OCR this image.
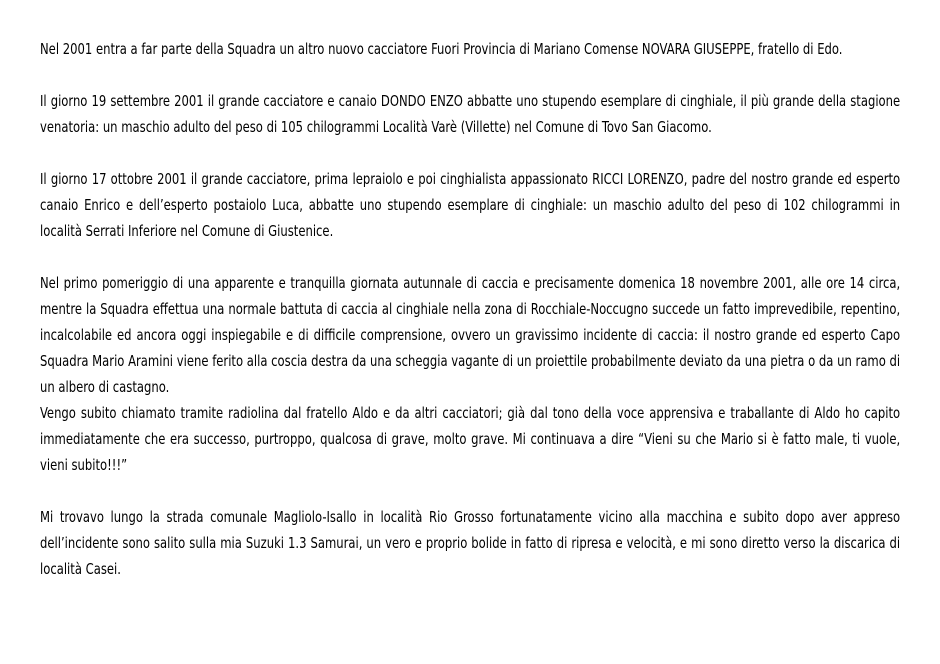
Nel 2001 entra a far parte della Squadra un altro nuovo cacciatore Fuori Provincia di Mariano Comense NOVARA GIUSEPPE, fratello di Edo.

Il giorno 19 settembre 2001 il grande cacciatore e canaio DONDO ENZO abbatte uno stupendo esemplare di cinghiale, il più grande della stagione venatoria: un maschio adulto del peso di 105 chilogrammi Località Varè (Villette) nel Comune di Tovo San Giacomo.

Il giorno 17 ottobre 2001 il grande cacciatore, prima lepraiolo e poi cinghialista appassionato RICCI LORENZO, padre del nostro grande ed esperto canaio Enrico e dell’esperto postaiolo Luca, abbatte uno stupendo esemplare di cinghiale: un maschio adulto del peso di 102 chilogrammi in località Serrati Inferiore nel Comune di Giustenice.

Nel primo pomeriggio di una apparente e tranquilla giornata autunnale di caccia e precisamente domenica 18 novembre 2001, alle ore 14 circa, mentre la Squadra effettua una normale battuta di caccia al cinghiale nella zona di Rocchiale-Noccugno succede un fatto imprevedibile, repentino, incalcolabile ed ancora oggi inspiegabile e di difficile comprensione, ovvero un gravissimo incidente di caccia: il nostro grande ed esperto Capo Squadra Mario Aramini viene ferito alla coscia destra da una scheggia vagante di un proiettile probabilmente deviato da una pietra o da un ramo di un albero di castagno.

Vengo subito chiamato tramite radiolina dal fratello Aldo e da altri cacciatori; già dal tono della voce apprensiva e traballante di Aldo ho capito immediatamente che era successo, purtroppo, qualcosa di grave, molto grave. Mi continuava a dire “Vieni su che Mario si è fatto male, ti vuole, vieni subito!!!”

Mi trovavo lungo la strada comunale Magliolo-Isallo in località Rio Grosso fortunatamente vicino alla macchina e subito dopo aver appreso dell’incidente sono salito sulla mia Suzuki 1.3 Samurai, un vero e proprio bolide in fatto di ripresa e velocità, e mi sono diretto verso la discarica di località Casei.
